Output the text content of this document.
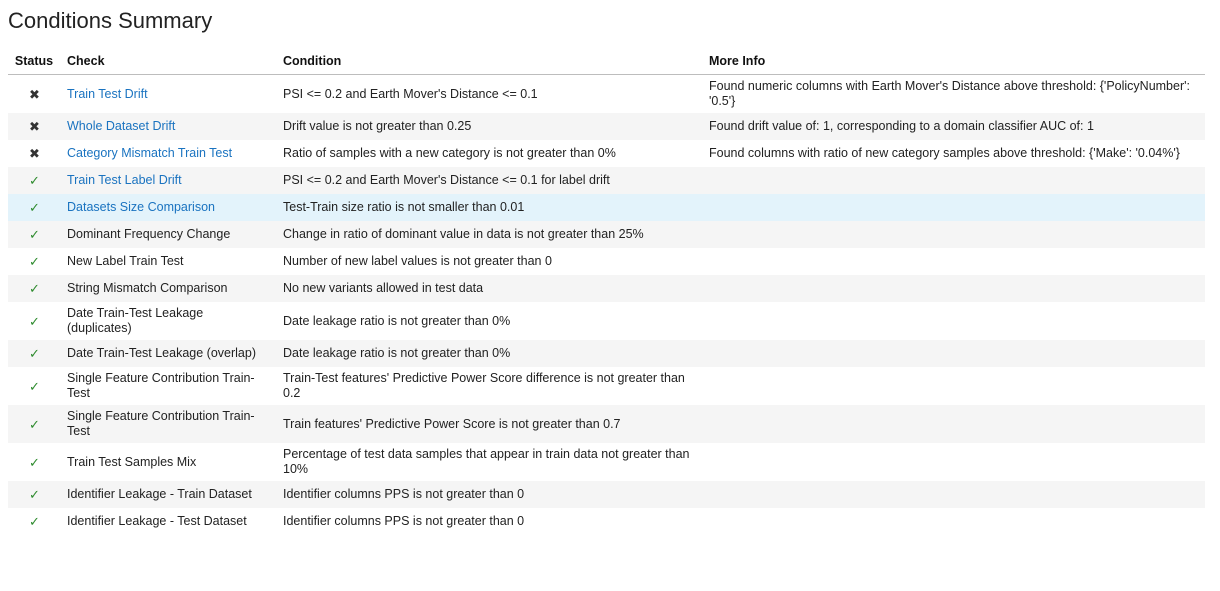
Conditions Summary
Status	Check	Condition	More Info
✖	Train Test Drift	PSI <= 0.2 and Earth Mover's Distance <= 0.1	Found numeric columns with Earth Mover's Distance above threshold: {'PolicyNumber': '0.5'}
✖	Whole Dataset Drift	Drift value is not greater than 0.25	Found drift value of: 1, corresponding to a domain classifier AUC of: 1
✖	Category Mismatch Train Test	Ratio of samples with a new category is not greater than 0%	Found columns with ratio of new category samples above threshold: {'Make': '0.04%'}
✓	Train Test Label Drift	PSI <= 0.2 and Earth Mover's Distance <= 0.1 for label drift	
✓	Datasets Size Comparison	Test-Train size ratio is not smaller than 0.01	
✓	Dominant Frequency Change	Change in ratio of dominant value in data is not greater than 25%	
✓	New Label Train Test	Number of new label values is not greater than 0	
✓	String Mismatch Comparison	No new variants allowed in test data	
✓	Date Train-Test Leakage (duplicates)	Date leakage ratio is not greater than 0%	
✓	Date Train-Test Leakage (overlap)	Date leakage ratio is not greater than 0%	
✓	Single Feature Contribution Train-Test	Train-Test features' Predictive Power Score difference is not greater than 0.2	
✓	Single Feature Contribution Train-Test	Train features' Predictive Power Score is not greater than 0.7	
✓	Train Test Samples Mix	Percentage of test data samples that appear in train data not greater than 10%	
✓	Identifier Leakage - Train Dataset	Identifier columns PPS is not greater than 0	
✓	Identifier Leakage - Test Dataset	Identifier columns PPS is not greater than 0	
